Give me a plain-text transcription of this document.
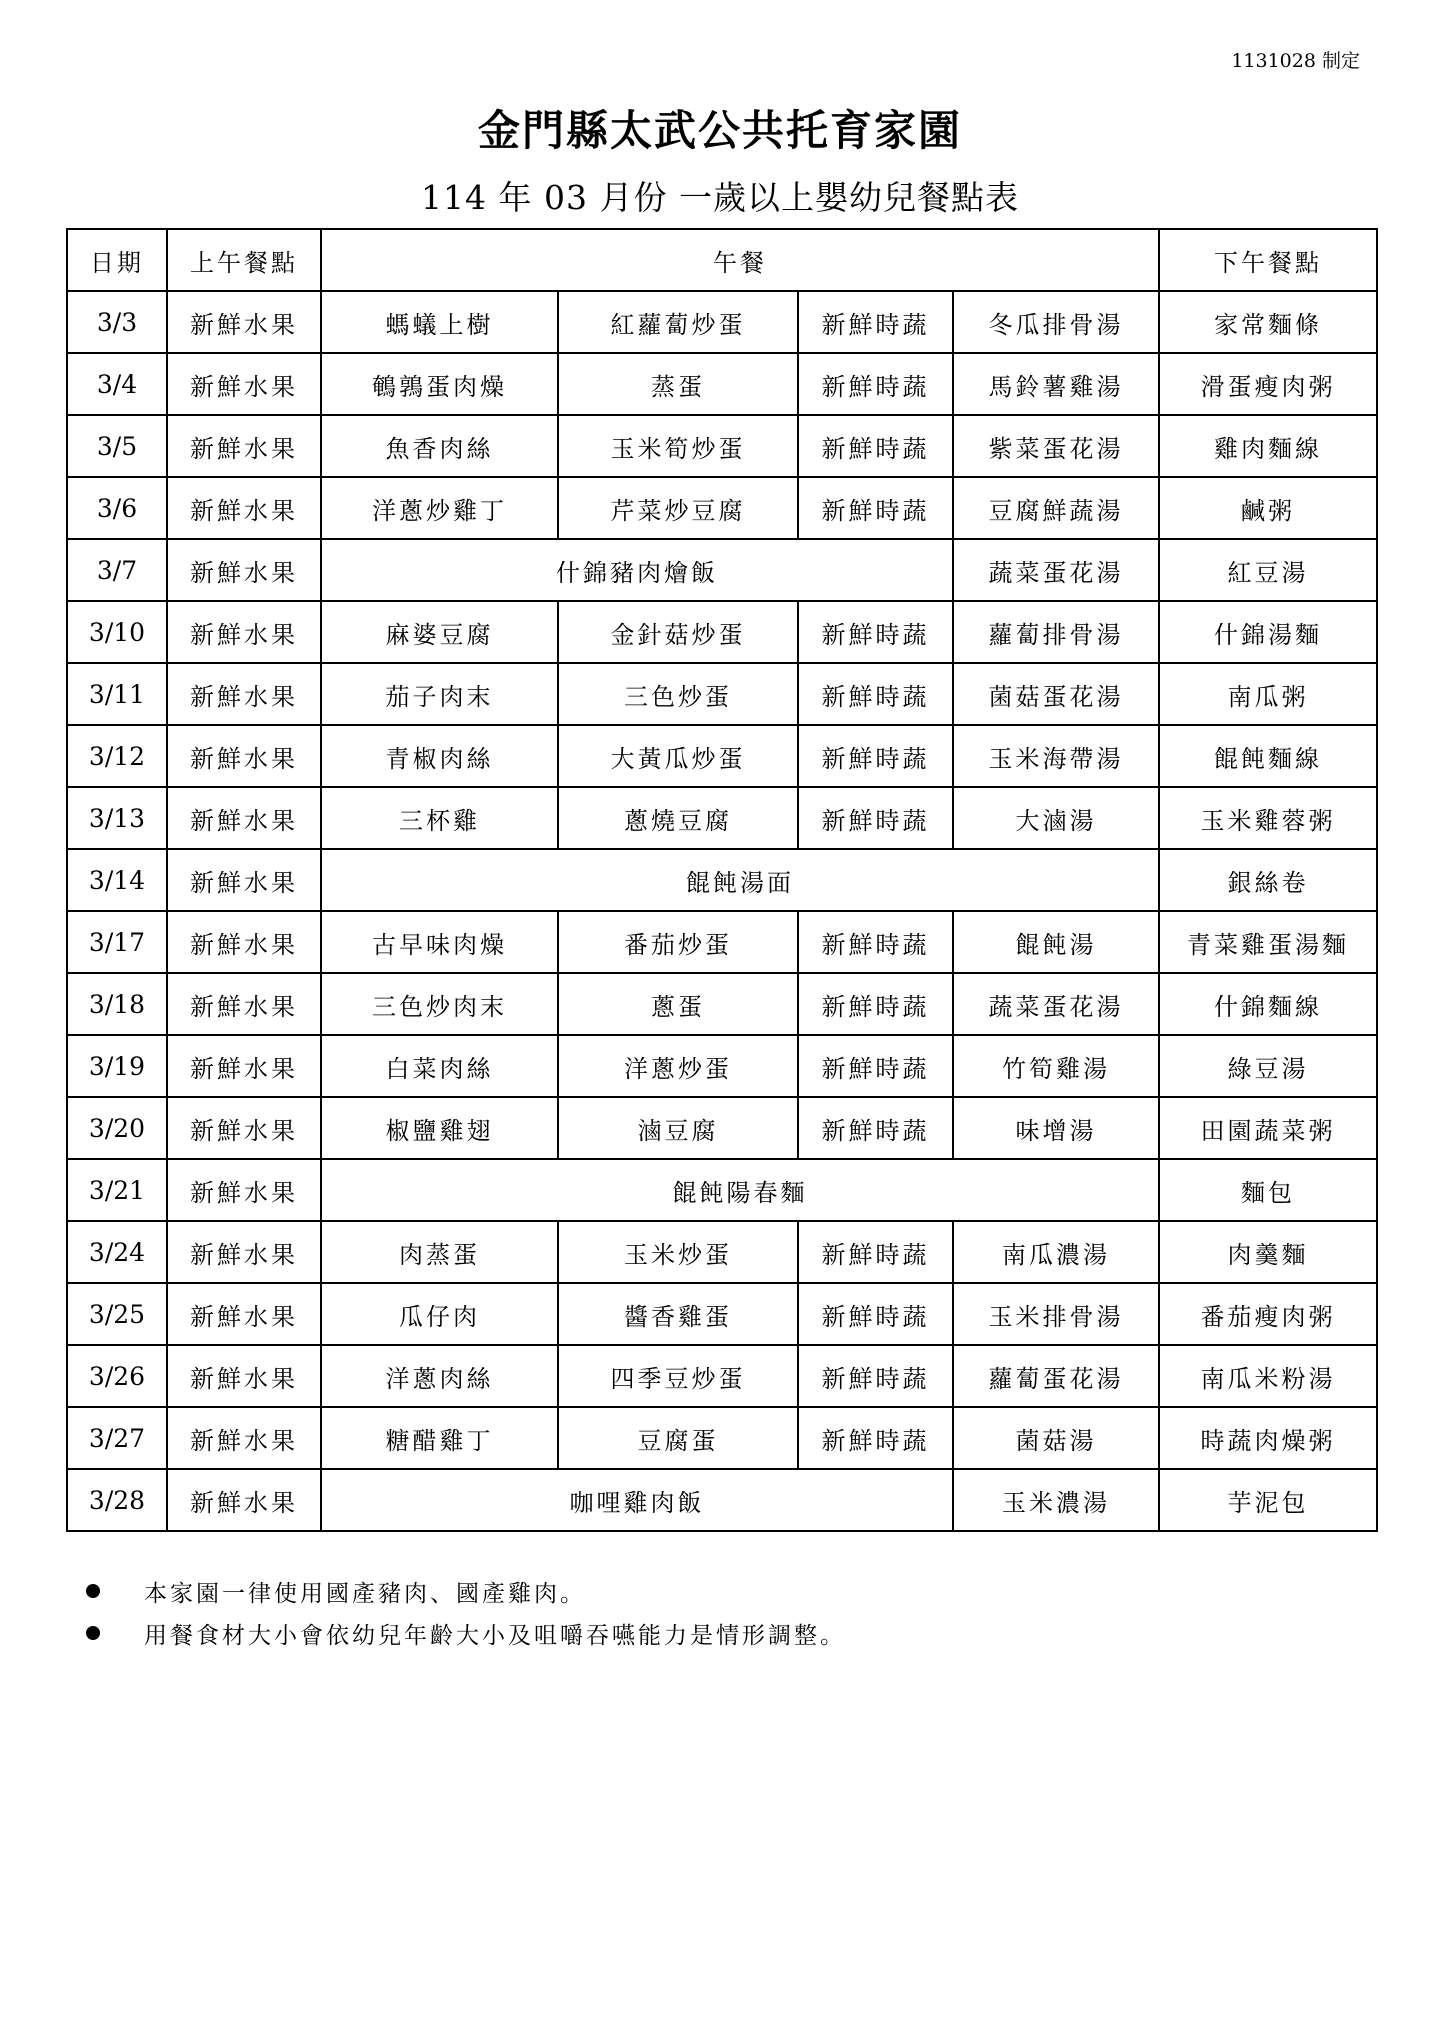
1131028 制定
金門縣太武公共托育家園
114 年 03 月份 一歲以上嬰幼兒餐點表
日期	上午餐點	午餐				下午餐點
3/3	新鮮水果	螞蟻上樹	紅蘿蔔炒蛋	新鮮時蔬	冬瓜排骨湯	家常麵條
3/4	新鮮水果	鵪鶉蛋肉燥	蒸蛋	新鮮時蔬	馬鈴薯雞湯	滑蛋瘦肉粥
3/5	新鮮水果	魚香肉絲	玉米筍炒蛋	新鮮時蔬	紫菜蛋花湯	雞肉麵線
3/6	新鮮水果	洋蔥炒雞丁	芹菜炒豆腐	新鮮時蔬	豆腐鮮蔬湯	鹹粥
3/7	新鮮水果	什錦豬肉燴飯			蔬菜蛋花湯	紅豆湯
3/10	新鮮水果	麻婆豆腐	金針菇炒蛋	新鮮時蔬	蘿蔔排骨湯	什錦湯麵
3/11	新鮮水果	茄子肉末	三色炒蛋	新鮮時蔬	菌菇蛋花湯	南瓜粥
3/12	新鮮水果	青椒肉絲	大黃瓜炒蛋	新鮮時蔬	玉米海帶湯	餛飩麵線
3/13	新鮮水果	三杯雞	蔥燒豆腐	新鮮時蔬	大滷湯	玉米雞蓉粥
3/14	新鮮水果	餛飩湯面				銀絲卷
3/17	新鮮水果	古早味肉燥	番茄炒蛋	新鮮時蔬	餛飩湯	青菜雞蛋湯麵
3/18	新鮮水果	三色炒肉末	蔥蛋	新鮮時蔬	蔬菜蛋花湯	什錦麵線
3/19	新鮮水果	白菜肉絲	洋蔥炒蛋	新鮮時蔬	竹筍雞湯	綠豆湯
3/20	新鮮水果	椒鹽雞翅	滷豆腐	新鮮時蔬	味增湯	田園蔬菜粥
3/21	新鮮水果	餛飩陽春麵				麵包
3/24	新鮮水果	肉蒸蛋	玉米炒蛋	新鮮時蔬	南瓜濃湯	肉羹麵
3/25	新鮮水果	瓜仔肉	醬香雞蛋	新鮮時蔬	玉米排骨湯	番茄瘦肉粥
3/26	新鮮水果	洋蔥肉絲	四季豆炒蛋	新鮮時蔬	蘿蔔蛋花湯	南瓜米粉湯
3/27	新鮮水果	糖醋雞丁	豆腐蛋	新鮮時蔬	菌菇湯	時蔬肉燥粥
3/28	新鮮水果	咖哩雞肉飯			玉米濃湯	芋泥包
本家園一律使用國產豬肉、國產雞肉。
用餐食材大小會依幼兒年齡大小及咀嚼吞嚥能力是情形調整。
